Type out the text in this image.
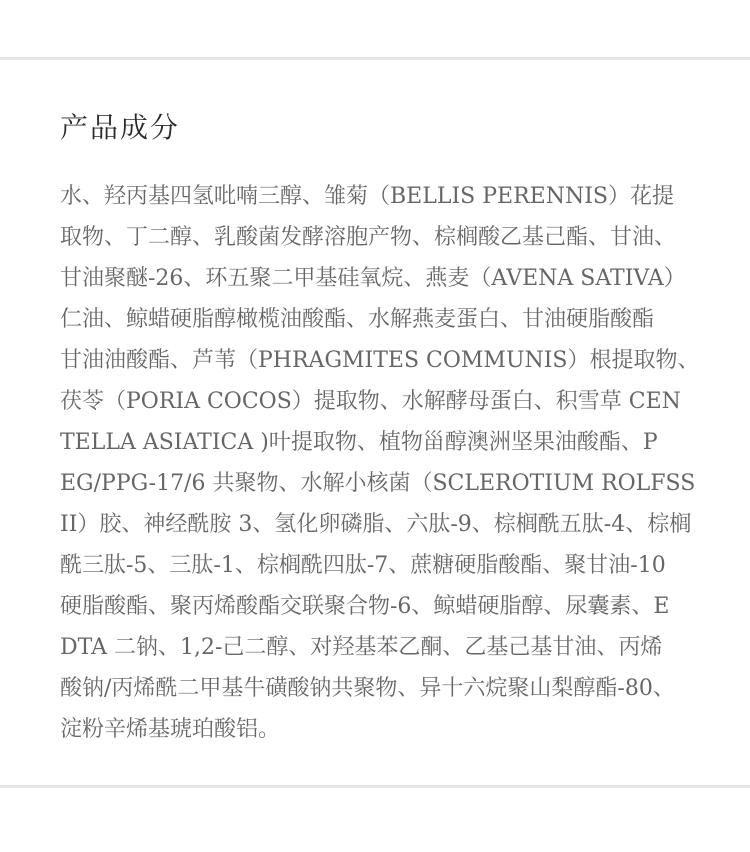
产品成分
水、羟丙基四氢吡喃三醇、雏菊（BELLIS PERENNIS）花提
取物、丁二醇、乳酸菌发酵溶胞产物、棕榈酸乙基己酯、甘油、
甘油聚醚-26、环五聚二甲基硅氧烷、燕麦（AVENA SATIVA）
仁油、鲸蜡硬脂醇橄榄油酸酯、水解燕麦蛋白、甘油硬脂酸酯
甘油油酸酯、芦苇（PHRAGMITES COMMUNIS）根提取物、
茯苓（PORIA COCOS）提取物、水解酵母蛋白、积雪草 CEN
TELLA ASIATICA )叶提取物、植物甾醇澳洲坚果油酸酯、P
EG/PPG-17/6 共聚物、水解小核菌（SCLEROTIUM ROLFSS
II）胶、神经酰胺 3、氢化卵磷脂、六肽-9、棕榈酰五肽-4、棕榈
酰三肽-5、三肽-1、棕榈酰四肽-7、蔗糖硬脂酸酯、聚甘油-10
硬脂酸酯、聚丙烯酸酯交联聚合物-6、鲸蜡硬脂醇、尿囊素、E
DTA 二钠、1,2-己二醇、对羟基苯乙酮、乙基己基甘油、丙烯
酸钠/丙烯酰二甲基牛磺酸钠共聚物、异十六烷聚山梨醇酯-80、
淀粉辛烯基琥珀酸铝。
